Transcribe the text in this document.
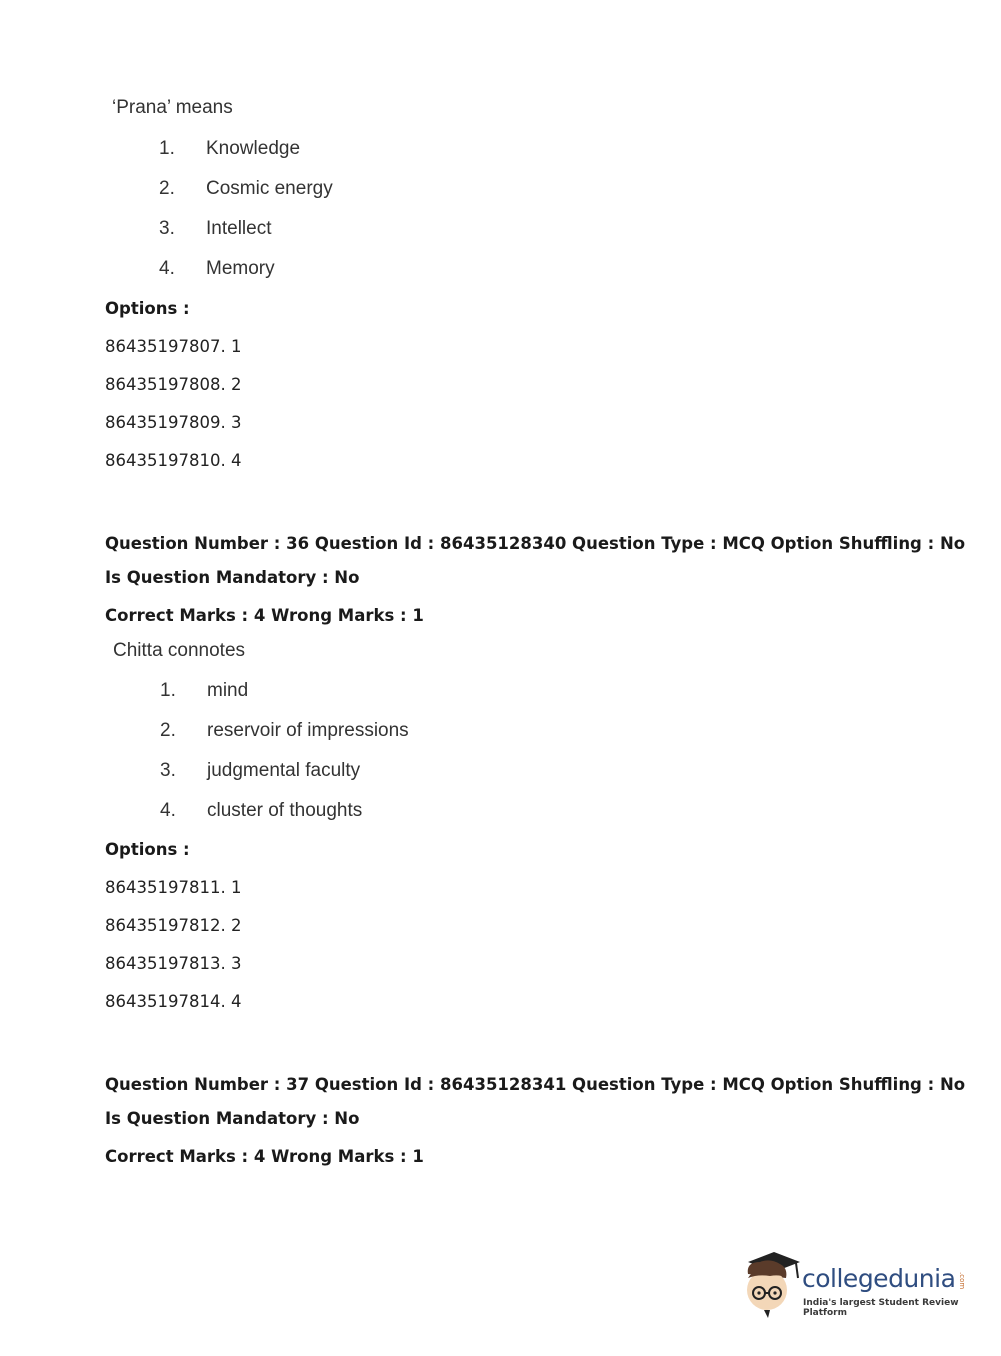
‘Prana’ means
1. Knowledge
2. Cosmic energy
3. Intellect
4. Memory
Options :
86435197807. 1
86435197808. 2
86435197809. 3
86435197810. 4
Question Number : 36 Question Id : 86435128340 Question Type : MCQ Option Shuffling : No
Is Question Mandatory : No
Correct Marks : 4 Wrong Marks : 1
Chitta connotes
1. mind
2. reservoir of impressions
3. judgmental faculty
4. cluster of thoughts
Options :
86435197811. 1
86435197812. 2
86435197813. 3
86435197814. 4
Question Number : 37 Question Id : 86435128341 Question Type : MCQ Option Shuffling : No
Is Question Mandatory : No
Correct Marks : 4 Wrong Marks : 1
collegedunia .com
India's largest Student Review Platform
